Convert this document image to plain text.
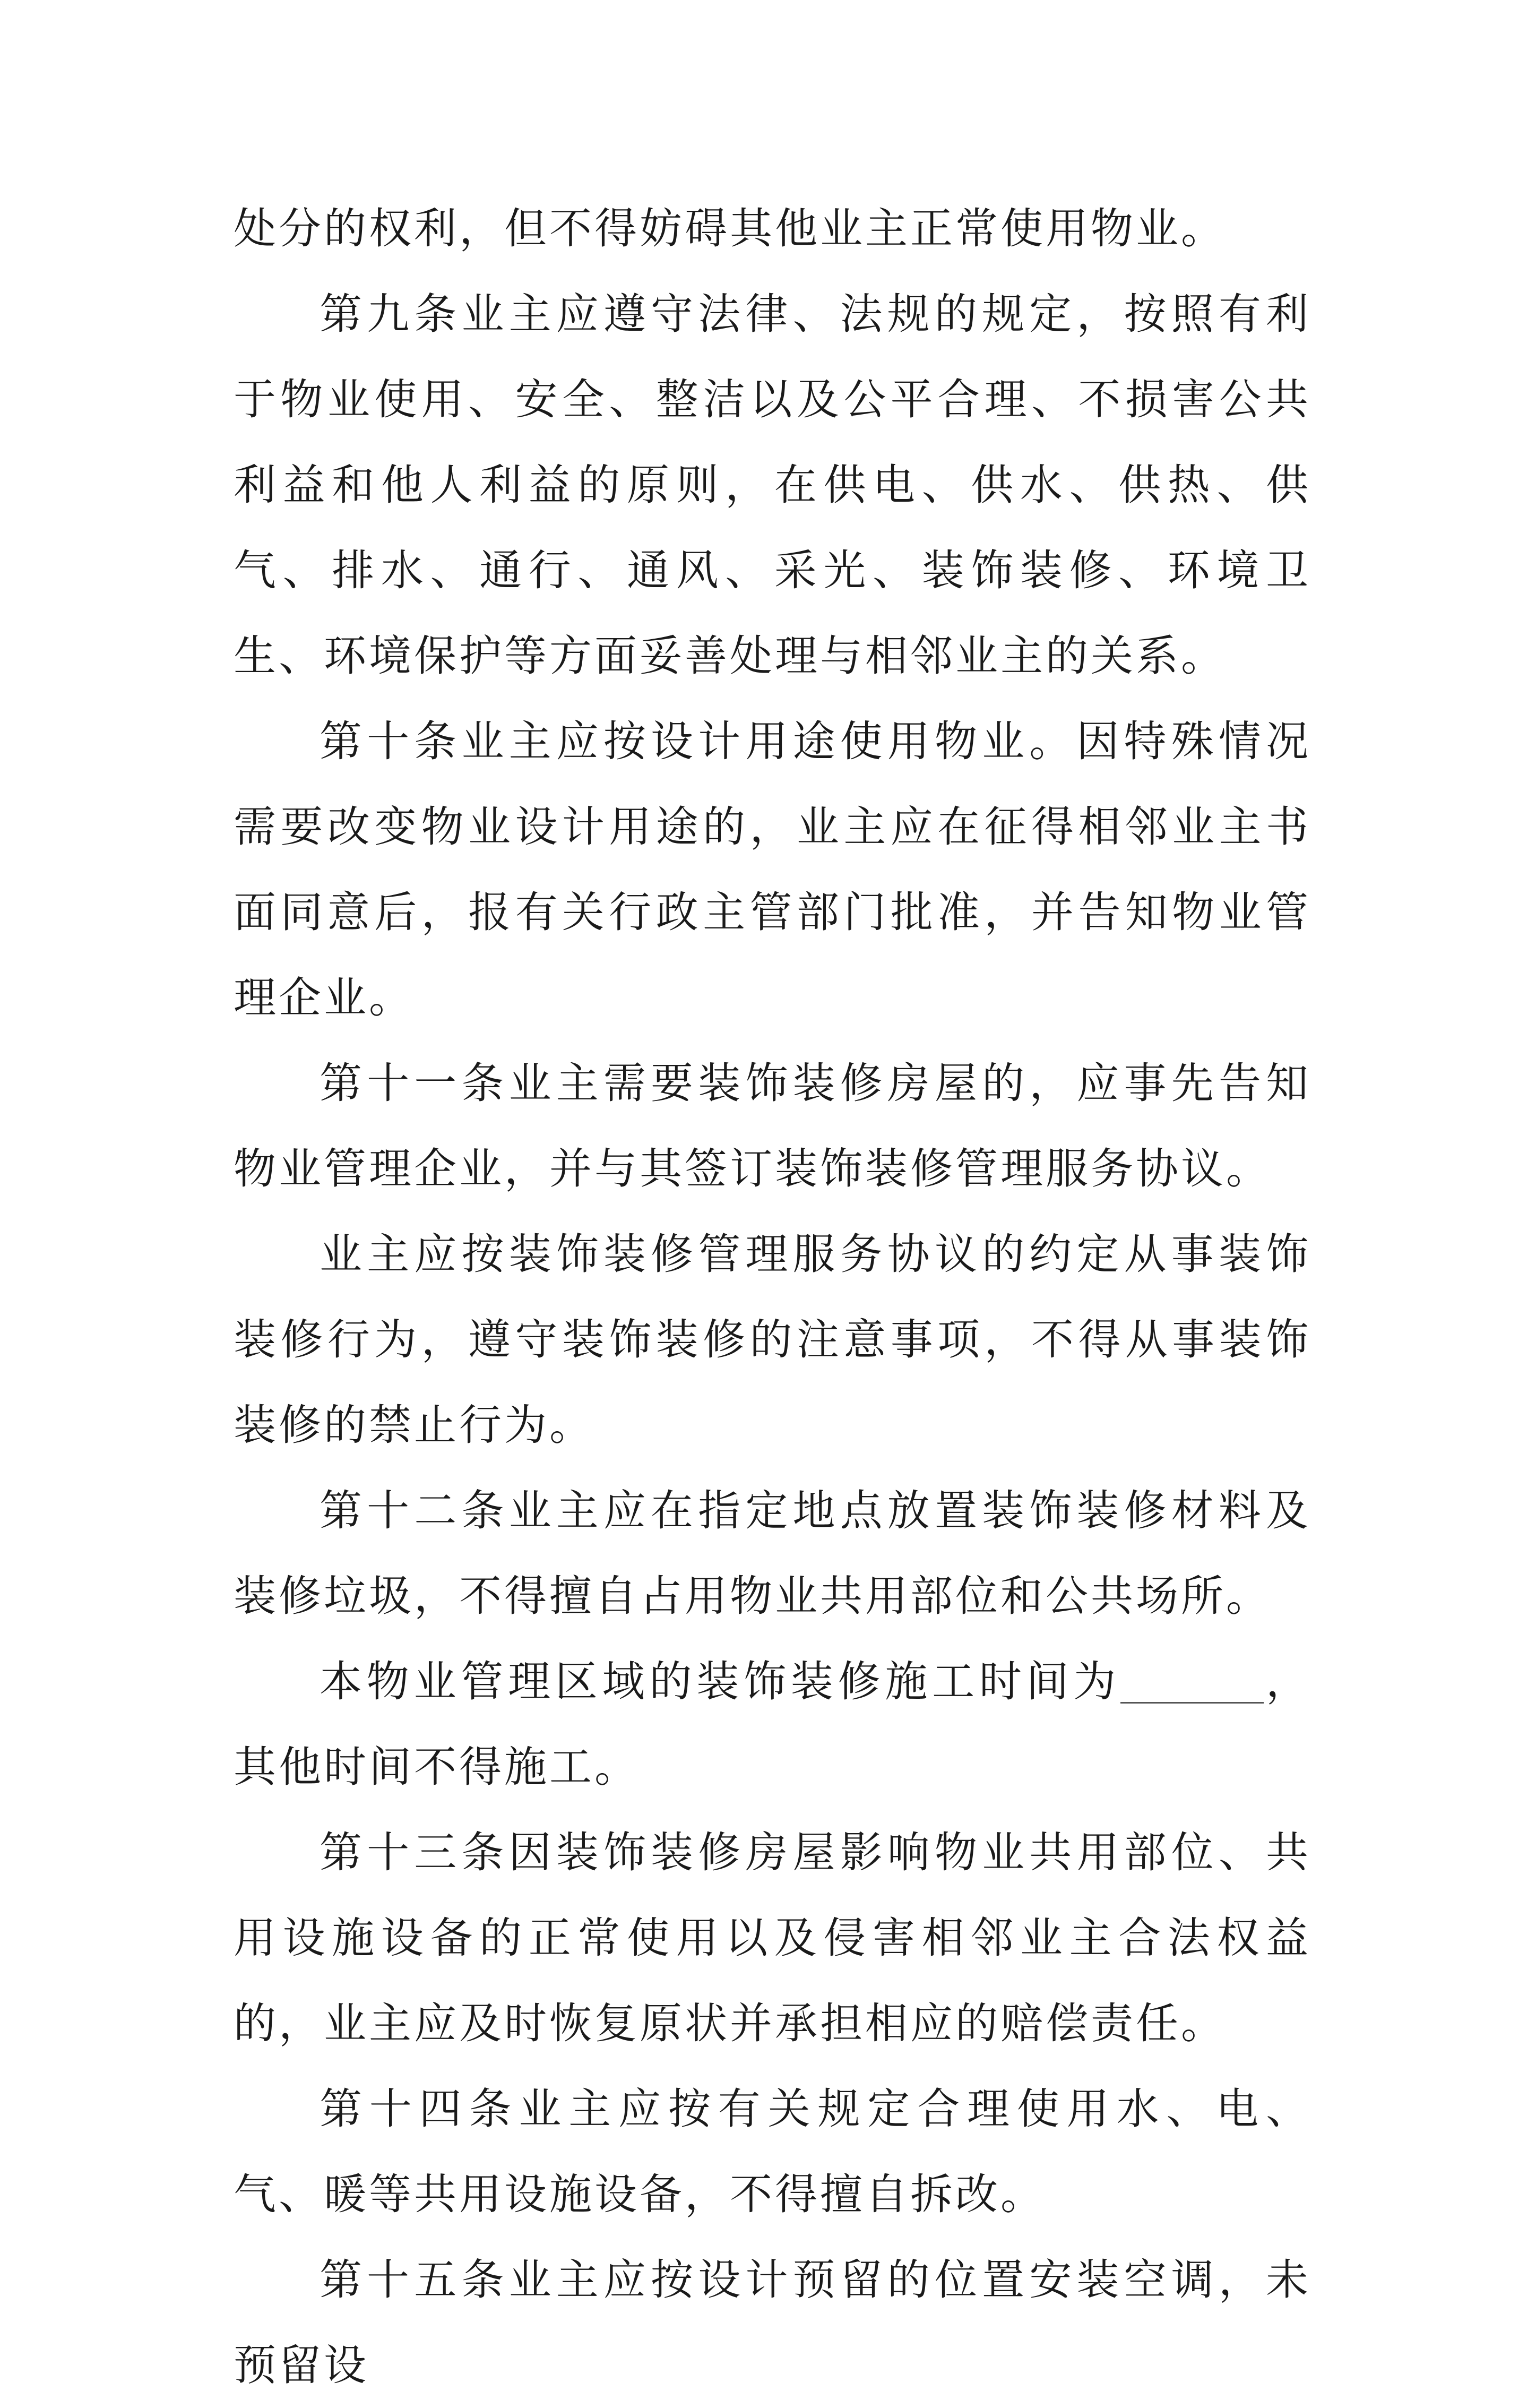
处分的权利，但不得妨碍其他业主正常使用物业。

第九条业主应遵守法律、法规的规定，按照有利于物业使用、安全、整洁以及公平合理、不损害公共利益和他人利益的原则，在供电、供水、供热、供气、排水、通行、通风、采光、装饰装修、环境卫生、环境保护等方面妥善处理与相邻业主的关系。

第十条业主应按设计用途使用物业。因特殊情况需要改变物业设计用途的，业主应在征得相邻业主书面同意后，报有关行政主管部门批准，并告知物业管理企业。

第十一条业主需要装饰装修房屋的，应事先告知物业管理企业，并与其签订装饰装修管理服务协议。

业主应按装饰装修管理服务协议的约定从事装饰装修行为，遵守装饰装修的注意事项，不得从事装饰装修的禁止行为。

第十二条业主应在指定地点放置装饰装修材料及装修垃圾，不得擅自占用物业共用部位和公共场所。

本物业管理区域的装饰装修施工时间为	，其他时间不得施工。

第十三条因装饰装修房屋影响物业共用部位、共用设施设备的正常使用以及侵害相邻业主合法权益的，业主应及时恢复原状并承担相应的赔偿责任。

第十四条业主应按有关规定合理使用水、电、气、暖等共用设施设备，不得擅自拆改。

第十五条业主应按设计预留的位置安装空调，未预留设
